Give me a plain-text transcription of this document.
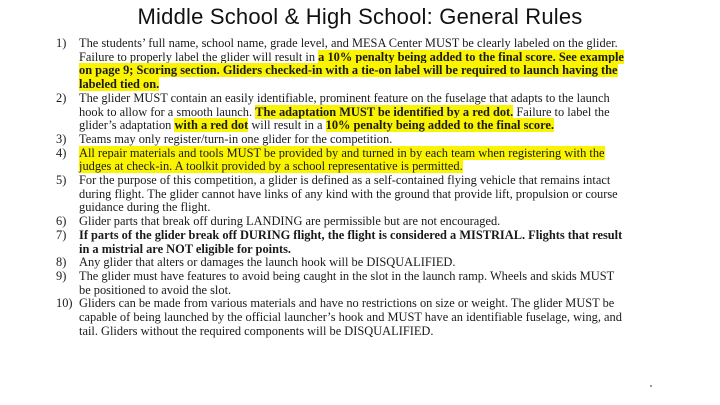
Middle School & High School: General Rules
1)	The students’ full name, school name, grade level, and MESA Center MUST be clearly labeled on the glider. Failure to properly label the glider will result in a 10% penalty being added to the final score. See example on page 9; Scoring section. Gliders checked-in with a tie-on label will be required to launch having the labeled tied on.
2)	The glider MUST contain an easily identifiable, prominent feature on the fuselage that adapts to the launch hook to allow for a smooth launch. The adaptation MUST be identified by a red dot. Failure to label the glider’s adaptation with a red dot will result in a 10% penalty being added to the final score.
3)	Teams may only register/turn-in one glider for the competition.
4)	All repair materials and tools MUST be provided by and turned in by each team when registering with the judges at check-in. A toolkit provided by a school representative is permitted.
5)	For the purpose of this competition, a glider is defined as a self-contained flying vehicle that remains intact during flight. The glider cannot have links of any kind with the ground that provide lift, propulsion or course guidance during the flight.
6)	Glider parts that break off during LANDING are permissible but are not encouraged.
7)	If parts of the glider break off DURING flight, the flight is considered a MISTRIAL. Flights that result in a mistrial are NOT eligible for points.
8)	Any glider that alters or damages the launch hook will be DISQUALIFIED.
9)	The glider must have features to avoid being caught in the slot in the launch ramp. Wheels and skids MUST be positioned to avoid the slot.
10) Gliders can be made from various materials and have no restrictions on size or weight. The glider MUST be capable of being launched by the official launcher’s hook and MUST have an identifiable fuselage, wing, and tail. Gliders without the required components will be DISQUALIFIED.
